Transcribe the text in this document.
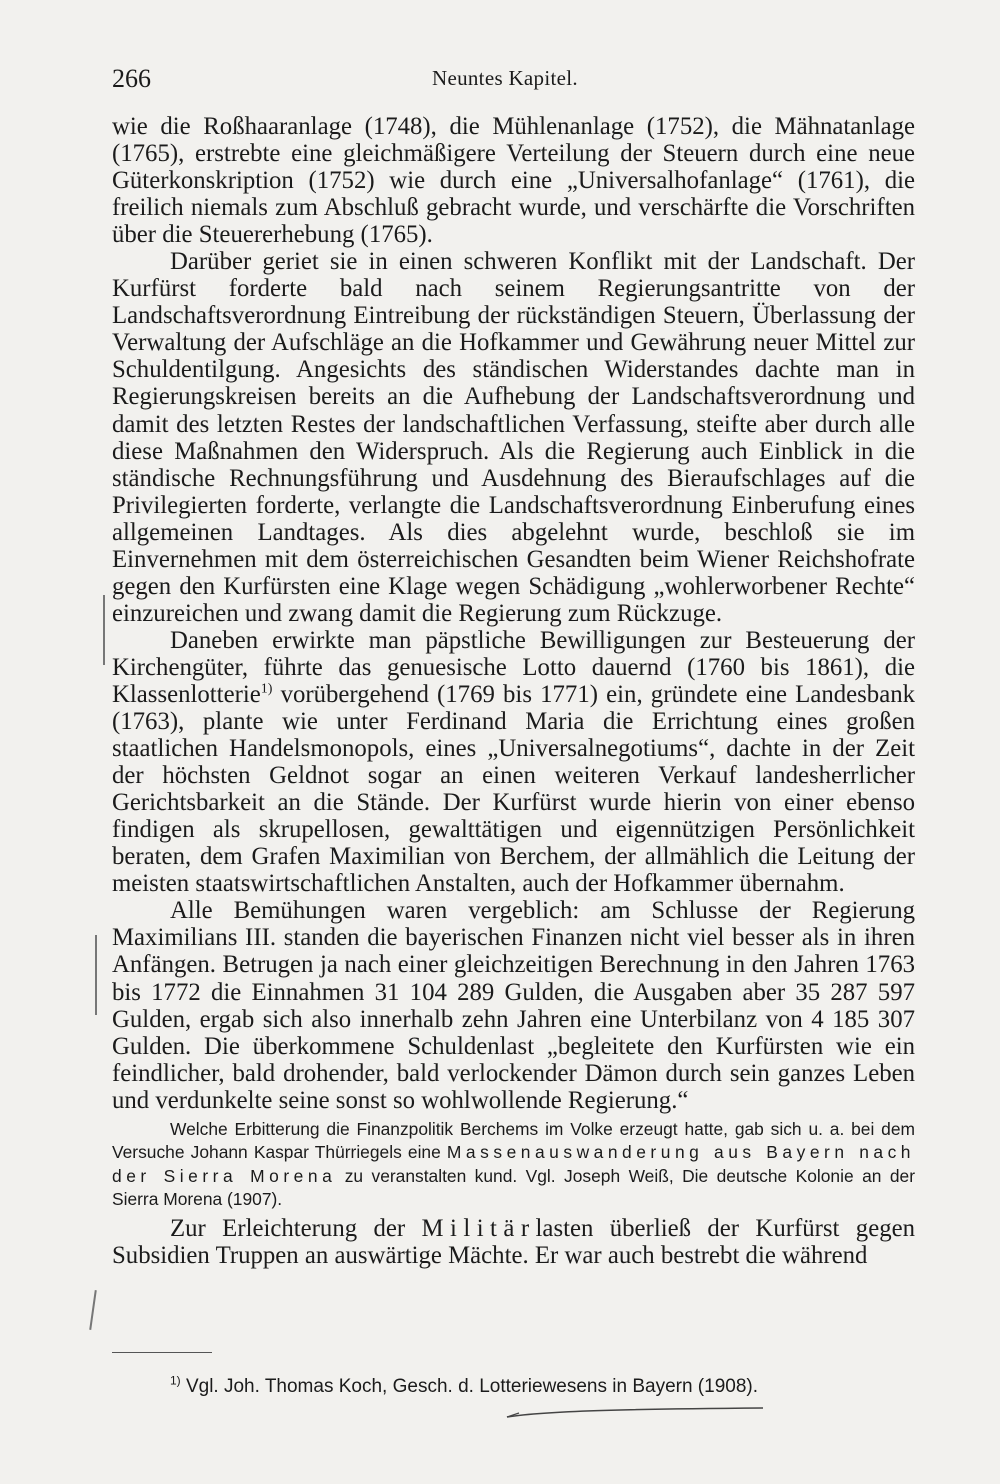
266	Neuntes Kapitel.

wie die Roßhaaranlage (1748), die Mühlenanlage (1752), die Mähnatanlage (1765), erstrebte eine gleichmäßigere Verteilung der Steuern durch eine neue Güterkonskription (1752) wie durch eine „Universalhofanlage“ (1761), die freilich niemals zum Abschluß gebracht wurde, und verschärfte die Vorschriften über die Steuererhebung (1765).

Darüber geriet sie in einen schweren Konflikt mit der Landschaft. Der Kurfürst forderte bald nach seinem Regierungsantritte von der Landschaftsverordnung Eintreibung der rückständigen Steuern, Überlassung der Verwaltung der Aufschläge an die Hofkammer und Gewährung neuer Mittel zur Schuldentilgung. Angesichts des ständischen Widerstandes dachte man in Regierungskreisen bereits an die Aufhebung der Landschaftsverordnung und damit des letzten Restes der landschaftlichen Verfassung, steifte aber durch alle diese Maßnahmen den Widerspruch. Als die Regierung auch Einblick in die ständische Rechnungsführung und Ausdehnung des Bieraufschlages auf die Privilegierten forderte, verlangte die Landschaftsverordnung Einberufung eines allgemeinen Landtages. Als dies abgelehnt wurde, beschloß sie im Einvernehmen mit dem österreichischen Gesandten beim Wiener Reichshofrate gegen den Kurfürsten eine Klage wegen Schädigung „wohlerworbener Rechte“ einzureichen und zwang damit die Regierung zum Rückzuge.

Daneben erwirkte man päpstliche Bewilligungen zur Besteuerung der Kirchengüter, führte das genuesische Lotto dauernd (1760 bis 1861), die Klassenlotterie$^{1)}$ vorübergehend (1769 bis 1771) ein, gründete eine Landesbank (1763), plante wie unter Ferdinand Maria die Errichtung eines großen staatlichen Handelsmonopols, eines „Universalnegotiums“, dachte in der Zeit der höchsten Geldnot sogar an einen weiteren Verkauf landesherrlicher Gerichtsbarkeit an die Stände. Der Kurfürst wurde hierin von einer ebenso findigen als skrupellosen, gewalttätigen und eigennützigen Persönlichkeit beraten, dem Grafen Maximilian von Berchem, der allmählich die Leitung der meisten staatswirtschaftlichen Anstalten, auch der Hofkammer übernahm.

Alle Bemühungen waren vergeblich: am Schlusse der Regierung Maximilians III. standen die bayerischen Finanzen nicht viel besser als in ihren Anfängen. Betrugen ja nach einer gleichzeitigen Berechnung in den Jahren 1763 bis 1772 die Einnahmen 31 104 289 Gulden, die Ausgaben aber 35 287 597 Gulden, ergab sich also innerhalb zehn Jahren eine Unterbilanz von 4 185 307 Gulden. Die überkommene Schuldenlast „begleitete den Kurfürsten wie ein feindlicher, bald drohender, bald verlockender Dämon durch sein ganzes Leben und verdunkelte seine sonst so wohlwollende Regierung.“

Welche Erbitterung die Finanzpolitik Berchems im Volke erzeugt hatte, gab sich u. a. bei dem Versuche Johann Kaspar Thürriegels eine Massenauswanderung aus Bayern nach der Sierra Morena zu veranstalten kund. Vgl. Joseph Weiß, Die deutsche Kolonie an der Sierra Morena (1907).

Zur Erleichterung der Militärlasten überließ der Kurfürst gegen Subsidien Truppen an auswärtige Mächte. Er war auch bestrebt die während

$^{1)}$ Vgl. Joh. Thomas Koch, Gesch. d. Lotteriewesens in Bayern (1908).
